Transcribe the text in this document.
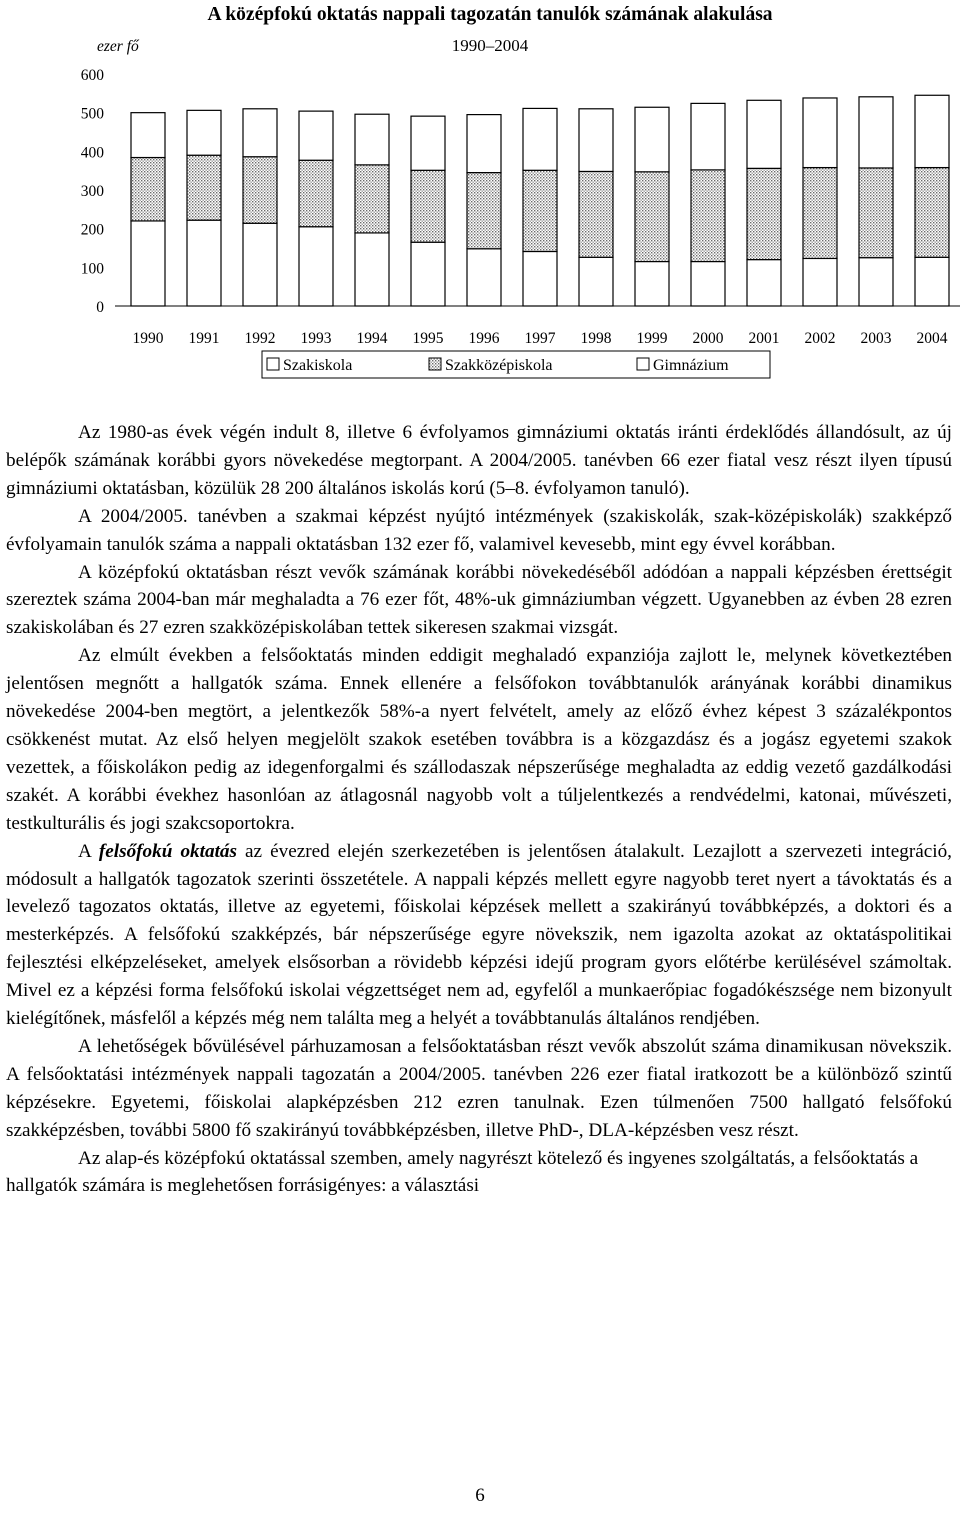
A középfokú oktatás nappali tagozatán tanulók számának alakulása
1990–2004
ezer fő
0
100
200
300
400
500
600
1990 1991 1992 1993 1994 1995 1996 1997 1998 1999 2000 2001 2002 2003 2004
Szakiskola	Szakközépiskola	Gimnázium

Az 1980-as évek végén indult 8, illetve 6 évfolyamos gimnáziumi oktatás iránti érdeklődés állandósult, az új belépők számának korábbi gyors növekedése megtorpant. A 2004/2005. tanévben 66 ezer fiatal vesz részt ilyen típusú gimnáziumi oktatásban, közülük 28 200 általános iskolás korú (5–8. évfolyamon tanuló).

A 2004/2005. tanévben a szakmai képzést nyújtó intézmények (szakiskolák, szak-középiskolák) szakképző évfolyamain tanulók száma a nappali oktatásban 132 ezer fő, valamivel kevesebb, mint egy évvel korábban.

A középfokú oktatásban részt vevők számának korábbi növekedéséből adódóan a nappali képzésben érettségit szereztek száma 2004-ban már meghaladta a 76 ezer főt, 48%-uk gimnáziumban végzett. Ugyanebben az évben 28 ezren szakiskolában és 27 ezren szakközépiskolában tettek sikeresen szakmai vizsgát.

Az elmúlt években a felsőoktatás minden eddigit meghaladó expanziója zajlott le, melynek következtében jelentősen megnőtt a hallgatók száma. Ennek ellenére a felsőfokon továbbtanulók arányának korábbi dinamikus növekedése 2004-ben megtört, a jelentkezők 58%-a nyert felvételt, amely az előző évhez képest 3 százalékpontos csökkenést mutat. Az első helyen megjelölt szakok esetében továbbra is a közgazdász és a jogász egyetemi szakok vezettek, a főiskolákon pedig az idegenforgalmi és szállodaszak népszerűsége meghaladta az eddig vezető gazdálkodási szakét. A korábbi évekhez hasonlóan az átlagosnál nagyobb volt a túljelentkezés a rendvédelmi, katonai, művészeti, testkulturális és jogi szakcsoportokra.

A felsőfokú oktatás az évezred elején szerkezetében is jelentősen átalakult. Lezajlott a szervezeti integráció, módosult a hallgatók tagozatok szerinti összetétele. A nappali képzés mellett egyre nagyobb teret nyert a távoktatás és a levelező tagozatos oktatás, illetve az egyetemi, főiskolai képzések mellett a szakirányú továbbképzés, a doktori és a mesterképzés. A felsőfokú szakképzés, bár népszerűsége egyre növekszik, nem igazolta azokat az oktatáspolitikai fejlesztési elképzeléseket, amelyek elsősorban a rövidebb képzési idejű program gyors előtérbe kerülésével számoltak. Mivel ez a képzési forma felsőfokú iskolai végzettséget nem ad, egyfelől a munkaerőpiac fogadókészsége nem bizonyult kielégítőnek, másfelől a képzés még nem találta meg a helyét a továbbtanulás általános rendjében.

A lehetőségek bővülésével párhuzamosan a felsőoktatásban részt vevők abszolút száma dinamikusan növekszik. A felsőoktatási intézmények nappali tagozatán a 2004/2005. tanévben 226 ezer fiatal iratkozott be a különböző szintű képzésekre. Egyetemi, főiskolai alapképzésben 212 ezren tanulnak. Ezen túlmenően 7500 hallgató felsőfokú szakképzésben, további 5800 fő szakirányú továbbképzésben, illetve PhD-, DLA-képzésben vesz részt.

Az alap-és középfokú oktatással szemben, amely nagyrészt kötelező és ingyenes szolgáltatás, a felsőoktatás a hallgatók számára is meglehetősen forrásigényes: a választási

6
